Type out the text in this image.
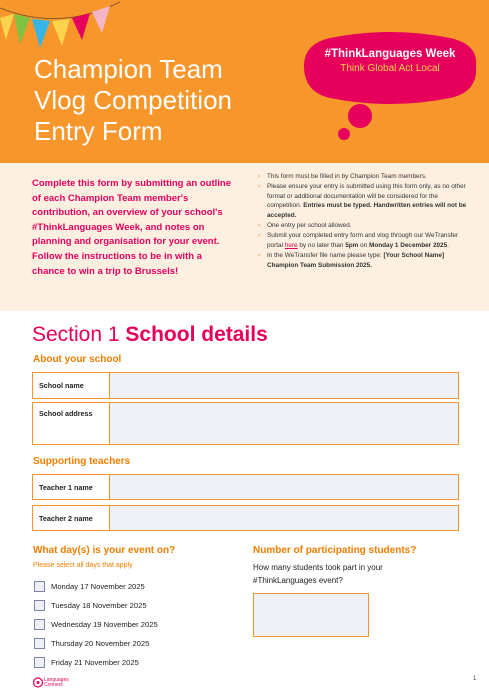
Champion Team
Vlog Competition
Entry Form
#ThinkLanguages Week
Think Global Act Local

Complete this form by submitting an outline of each Champion Team member's contribution, an overview of your school's #ThinkLanguages Week, and notes on planning and organisation for your event. Follow the instructions to be in with a chance to win a trip to Brussels!

› This form must be filled in by Champion Team members.
› Please ensure your entry is submitted using this form only, as no other format or additional documentation will be considered for the competition. Entries must be typed. Handwritten entries will not be accepted.
› One entry per school allowed.
› Submit your completed entry form and vlog through our WeTransfer portal here by no later than 5pm on Monday 1 December 2025.
› In the WeTransfer file name please type: [Your School Name] Champion Team Submission 2025.
Section 1 School details
About your school
School name
School address
Supporting teachers
Teacher 1 name
Teacher 2 name
What day(s) is your event on?
Please select all days that apply
Monday 17 November 2025
Tuesday 18 November 2025
Wednesday 19 November 2025
Thursday 20 November 2025
Friday 21 November 2025
Number of participating students?

How many students took part in your #ThinkLanguages event?

Languages
Connect
1
